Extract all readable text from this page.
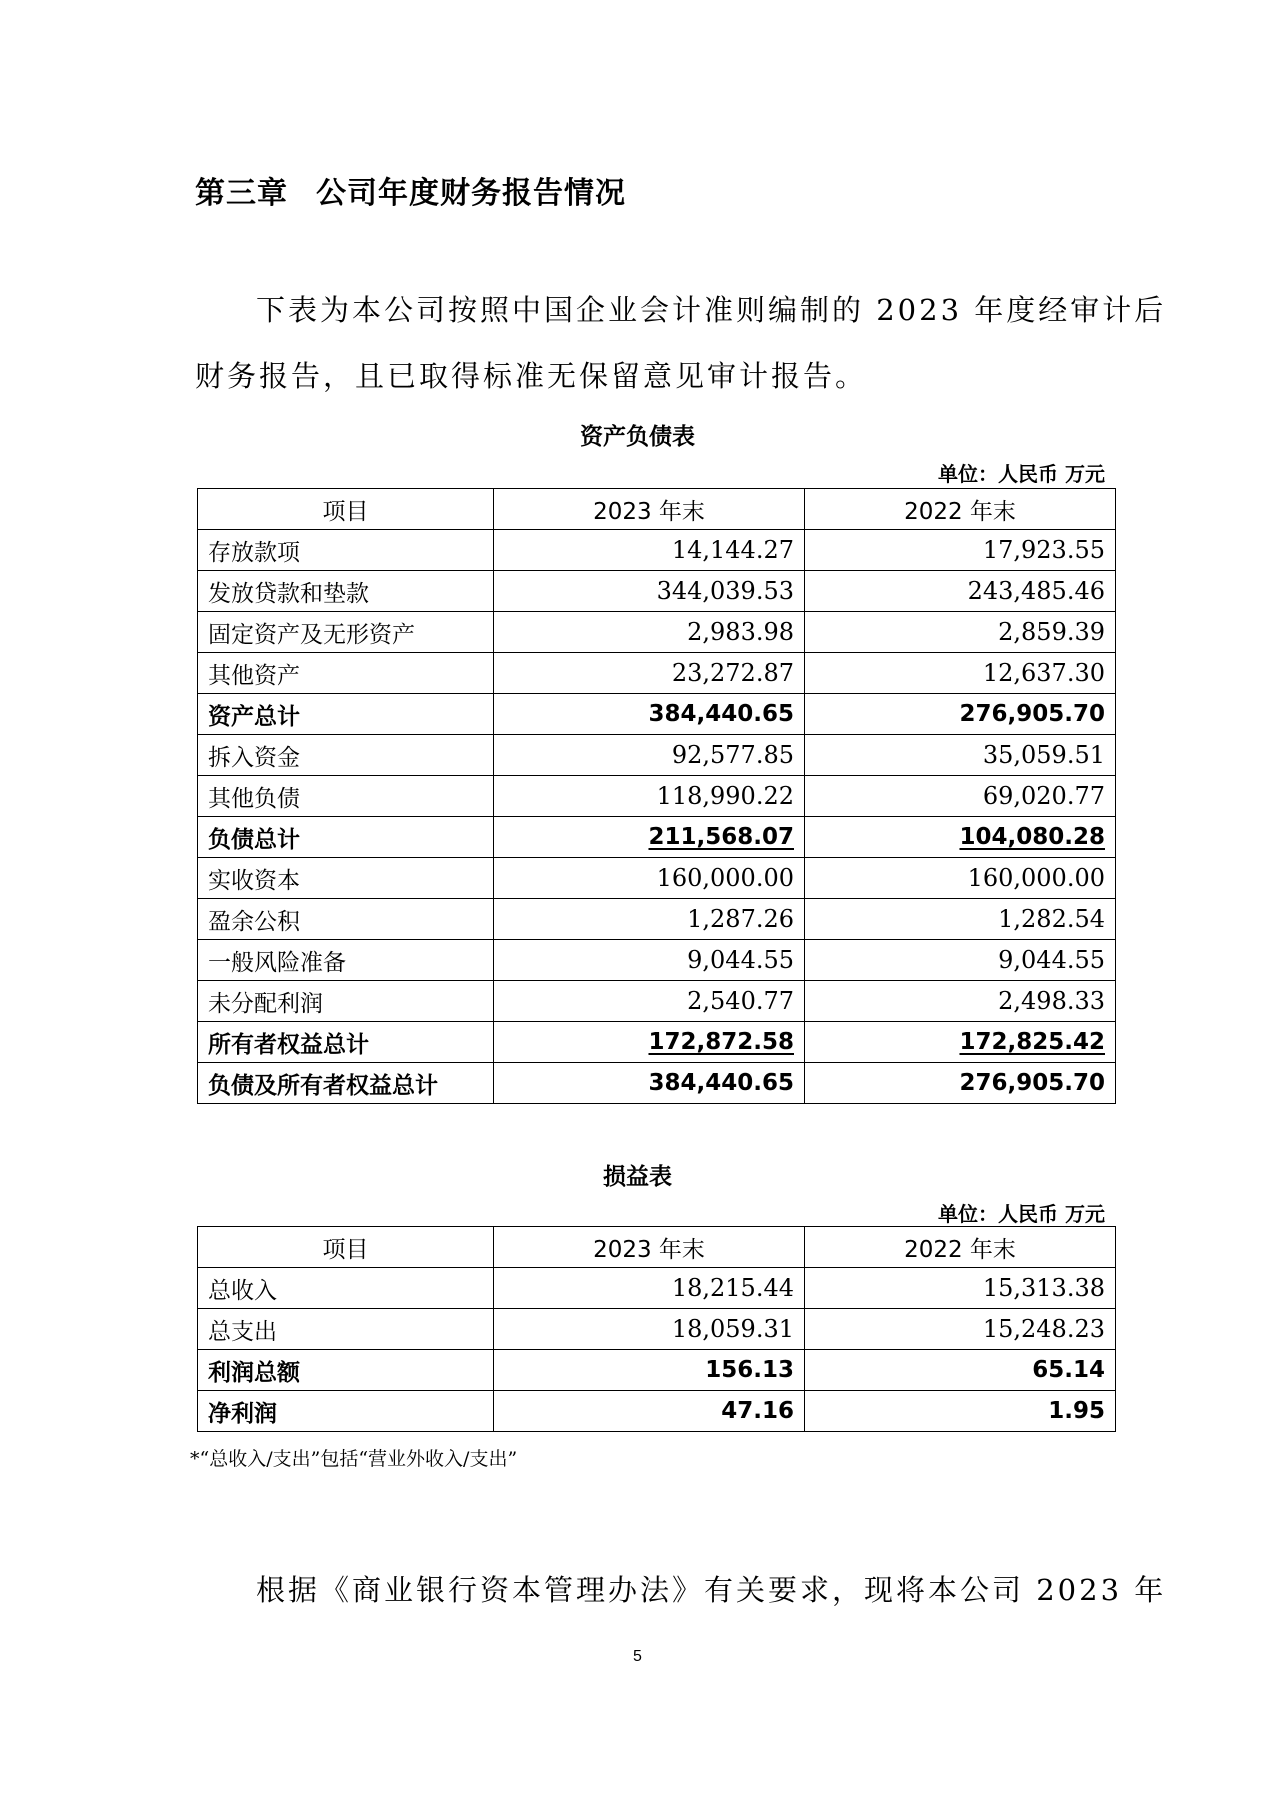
第三章 公司年度财务报告情况

下表为本公司按照中国企业会计准则编制的 2023 年度经审计后

财务报告，且已取得标准无保留意见审计报告。

资产负债表
单位：人民币 万元
项目	2023 年末	2022 年末
存放款项	14,144.27	17,923.55
发放贷款和垫款	344,039.53	243,485.46
固定资产及无形资产	2,983.98	2,859.39
其他资产	23,272.87	12,637.30
资产总计	384,440.65	276,905.70
拆入资金	92,577.85	35,059.51
其他负债	118,990.22	69,020.77
负债总计	211,568.07	104,080.28
实收资本	160,000.00	160,000.00
盈余公积	1,287.26	1,282.54
一般风险准备	9,044.55	9,044.55
未分配利润	2,540.77	2,498.33
所有者权益总计	172,872.58	172,825.42
负债及所有者权益总计	384,440.65	276,905.70
损益表
单位：人民币 万元
项目	2023 年末	2022 年末
总收入	18,215.44	15,313.38
总支出	18,059.31	15,248.23
利润总额	156.13	65.14
净利润	47.16	1.95
*“总收入/支出”包括“营业外收入/支出”

根据《商业银行资本管理办法》有关要求，现将本公司 2023 年

5
